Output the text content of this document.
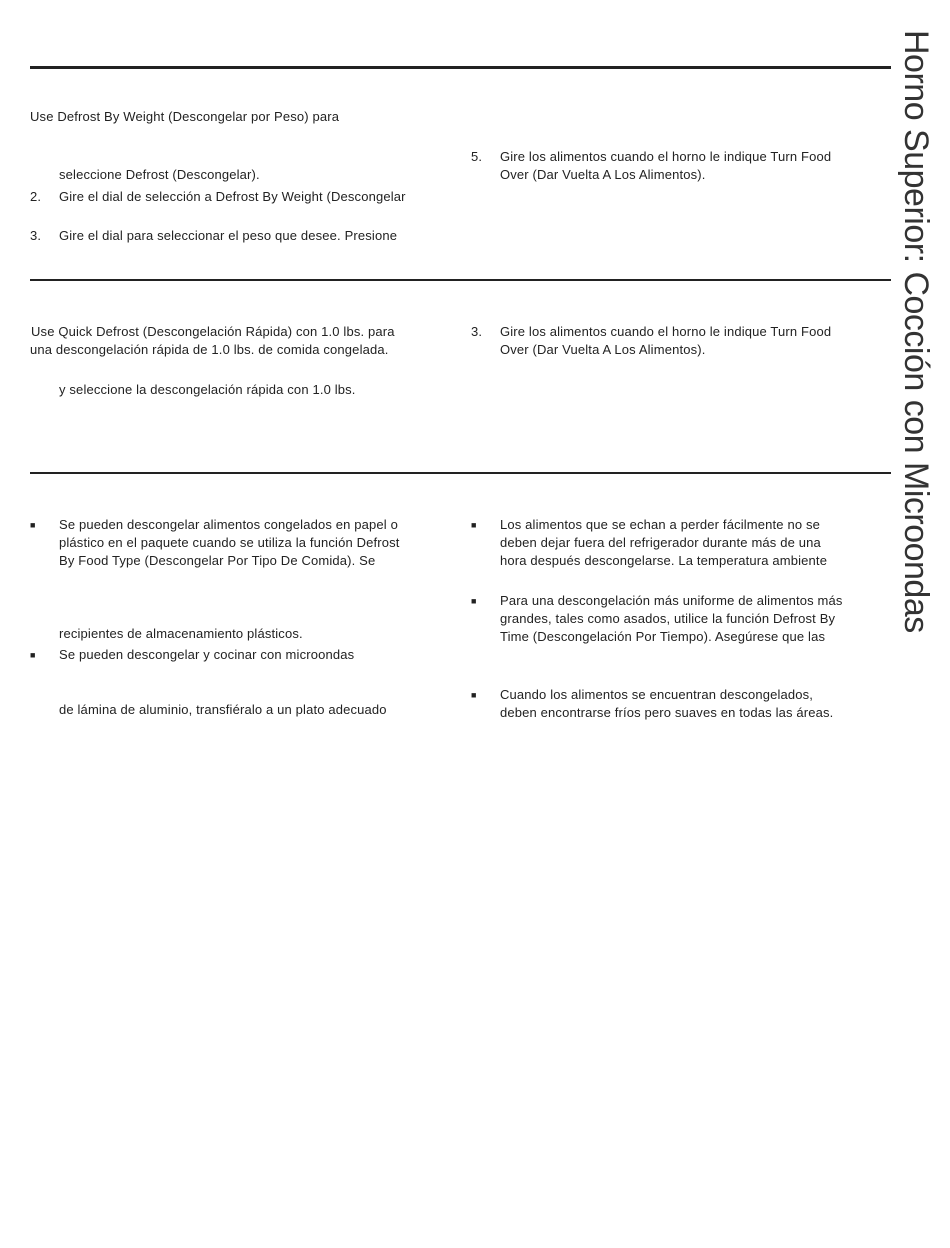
Horno Superior: Cocción con Microondas
Use Defrost By Weight (Descongelar por Peso) para
seleccione Defrost (Descongelar).
2. Gire el dial de selección a Defrost By Weight (Descongelar
3. Gire el dial para seleccionar el peso que desee. Presione
5. Gire los alimentos cuando el horno le indique Turn Food
Over (Dar Vuelta A Los Alimentos).
Use Quick Defrost (Descongelación Rápida) con 1.0 lbs. para
una descongelación rápida de 1.0 lbs. de comida congelada.
y seleccione la descongelación rápida con 1.0 lbs.
3. Gire los alimentos cuando el horno le indique Turn Food
Over (Dar Vuelta A Los Alimentos).
■ Se pueden descongelar alimentos congelados en papel o
plástico en el paquete cuando se utiliza la función Defrost
By Food Type (Descongelar Por Tipo De Comida). Se
recipientes de almacenamiento plásticos.
■ Se pueden descongelar y cocinar con microondas
de lámina de aluminio, transfiéralo a un plato adecuado
■ Los alimentos que se echan a perder fácilmente no se
deben dejar fuera del refrigerador durante más de una
hora después descongelarse. La temperatura ambiente
■ Para una descongelación más uniforme de alimentos más
grandes, tales como asados, utilice la función Defrost By
Time (Descongelación Por Tiempo). Asegúrese que las
■ Cuando los alimentos se encuentran descongelados,
deben encontrarse fríos pero suaves en todas las áreas.
